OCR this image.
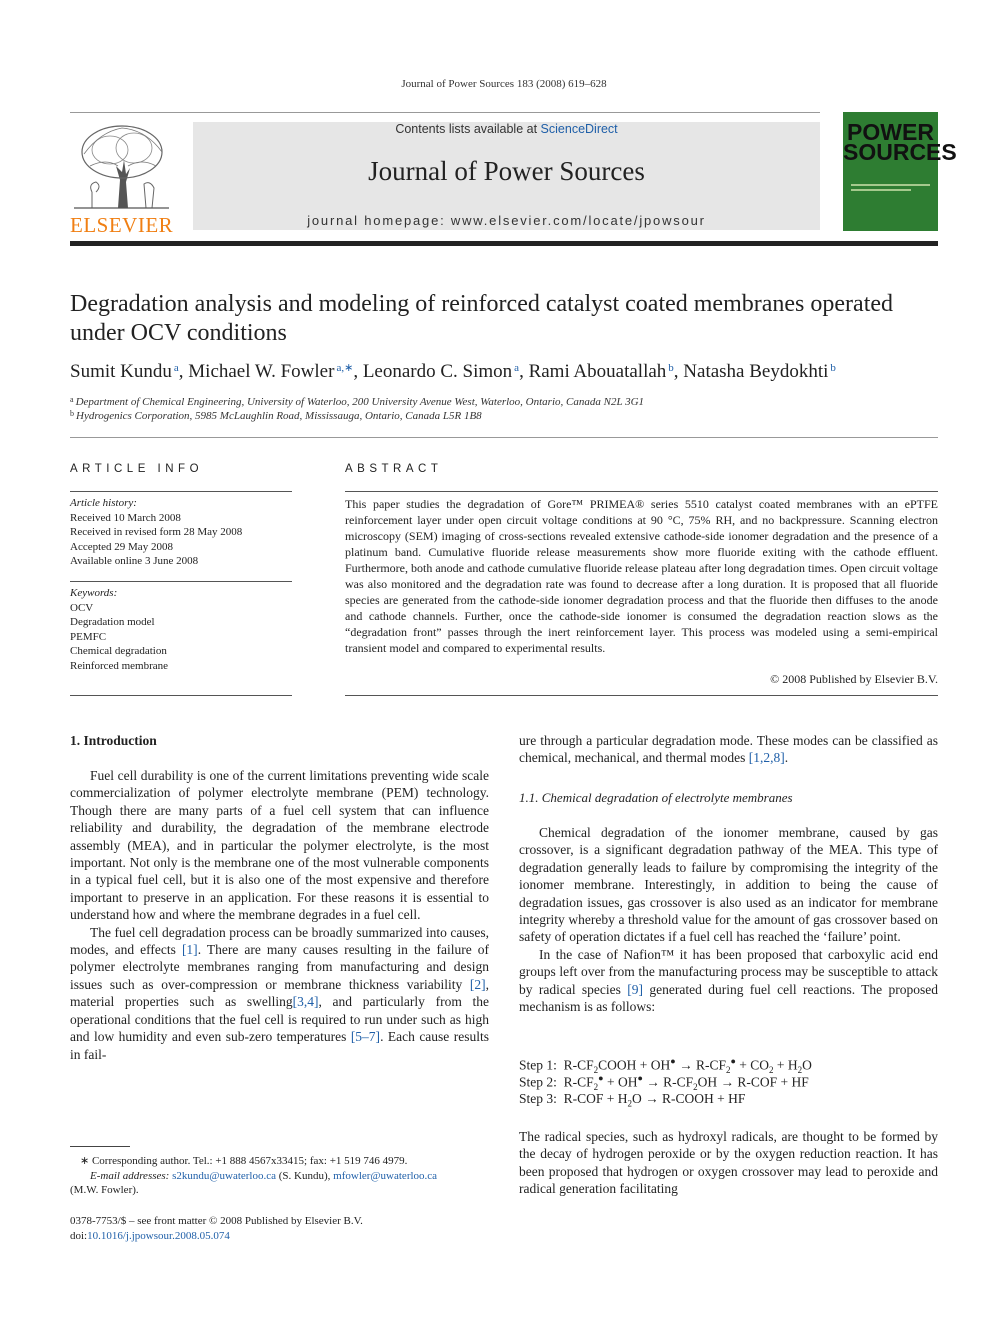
Journal of Power Sources 183 (2008) 619–628
ELSEVIER
Contents lists available at ScienceDirect
Journal of Power Sources
journal homepage: www.elsevier.com/locate/jpowsour
POWER SOURCES
Degradation analysis and modeling of reinforced catalyst coated membranes operated under OCV conditions
Sumit Kundu $^a$, Michael W. Fowler $^{a,∗}$, Leonardo C. Simon $^a$, Rami Abouatallah $^b$, Natasha Beydokhti $^b$
$^a$ Department of Chemical Engineering, University of Waterloo, 200 University Avenue West, Waterloo, Ontario, Canada N2L 3G1
$^b$ Hydrogenics Corporation, 5985 McLaughlin Road, Mississauga, Ontario, Canada L5R 1B8
ARTICLE INFO
Article history:
Received 10 March 2008
Received in revised form 28 May 2008
Accepted 29 May 2008
Available online 3 June 2008
Keywords:
OCV
Degradation model
PEMFC
Chemical degradation
Reinforced membrane
ABSTRACT
This paper studies the degradation of Gore™ PRIMEA® series 5510 catalyst coated membranes with an ePTFE reinforcement layer under open circuit voltage conditions at 90 °C, 75% RH, and no backpressure. Scanning electron microscopy (SEM) imaging of cross-sections revealed extensive cathode-side ionomer degradation and the presence of a platinum band. Cumulative fluoride release measurements show more fluoride exiting with the cathode effluent. Furthermore, both anode and cathode cumulative fluoride release plateau after long degradation times. Open circuit voltage was also monitored and the degradation rate was found to decrease after a long duration. It is proposed that all fluoride species are generated from the cathode-side ionomer degradation process and that the fluoride then diffuses to the anode and cathode channels. Further, once the cathode-side ionomer is consumed the degradation reaction slows as the “degradation front” passes through the inert reinforcement layer. This process was modeled using a semi-empirical transient model and compared to experimental results.
© 2008 Published by Elsevier B.V.
1. Introduction

Fuel cell durability is one of the current limitations preventing wide scale commercialization of polymer electrolyte membrane (PEM) technology. Though there are many parts of a fuel cell system that can influence reliability and durability, the degradation of the membrane electrode assembly (MEA), and in particular the polymer electrolyte, is the most important. Not only is the membrane one of the most vulnerable components in a typical fuel cell, but it is also one of the most expensive and therefore important to preserve in an application. For these reasons it is essential to understand how and where the membrane degrades in a fuel cell.

The fuel cell degradation process can be broadly summarized into causes, modes, and effects [1]. There are many causes resulting in the failure of polymer electrolyte membranes ranging from manufacturing and design issues such as over-compression or membrane thickness variability [2], material properties such as swelling[3,4], and particularly from the operational conditions that the fuel cell is required to run under such as high and low humidity and even sub-zero temperatures [5–7]. Each cause results in fail-

ure through a particular degradation mode. These modes can be classified as chemical, mechanical, and thermal modes [1,2,8].

1.1. Chemical degradation of electrolyte membranes

Chemical degradation of the ionomer membrane, caused by gas crossover, is a significant degradation pathway of the MEA. This type of degradation generally leads to failure by compromising the integrity of the ionomer membrane. Interestingly, in addition to being the cause of degradation issues, gas crossover is also used as an indicator for membrane integrity whereby a threshold value for the amount of gas crossover based on safety of operation dictates if a fuel cell has reached the ‘failure’ point.

In the case of Nafion™ it has been proposed that carboxylic acid end groups left over from the manufacturing process may be susceptible to attack by radical species [9] generated during fuel cell reactions. The proposed mechanism is as follows:

Step 1:  $R-CF_2COOH + OH^● \to R-CF_2^● + CO_2 + H_2O$
Step 2:  $R-CF_2^● + OH^● \to R-CF_2OH \to R-COF$ + HF
Step 3:  $R-COF + H_2O$ → R-COOH + HF

The radical species, such as hydroxyl radicals, are thought to be formed by the decay of hydrogen peroxide or by the oxygen reduction reaction. It has been proposed that hydrogen or oxygen crossover may lead to peroxide and radical generation facilitating

∗ Corresponding author. Tel.: +1 888 4567x33415; fax: +1 519 746 4979.
E-mail addresses: s2kundu@uwaterloo.ca (S. Kundu), mfowler@uwaterloo.ca
(M.W. Fowler).
0378-7753/$ – see front matter © 2008 Published by Elsevier B.V.
doi:10.1016/j.jpowsour.2008.05.074
